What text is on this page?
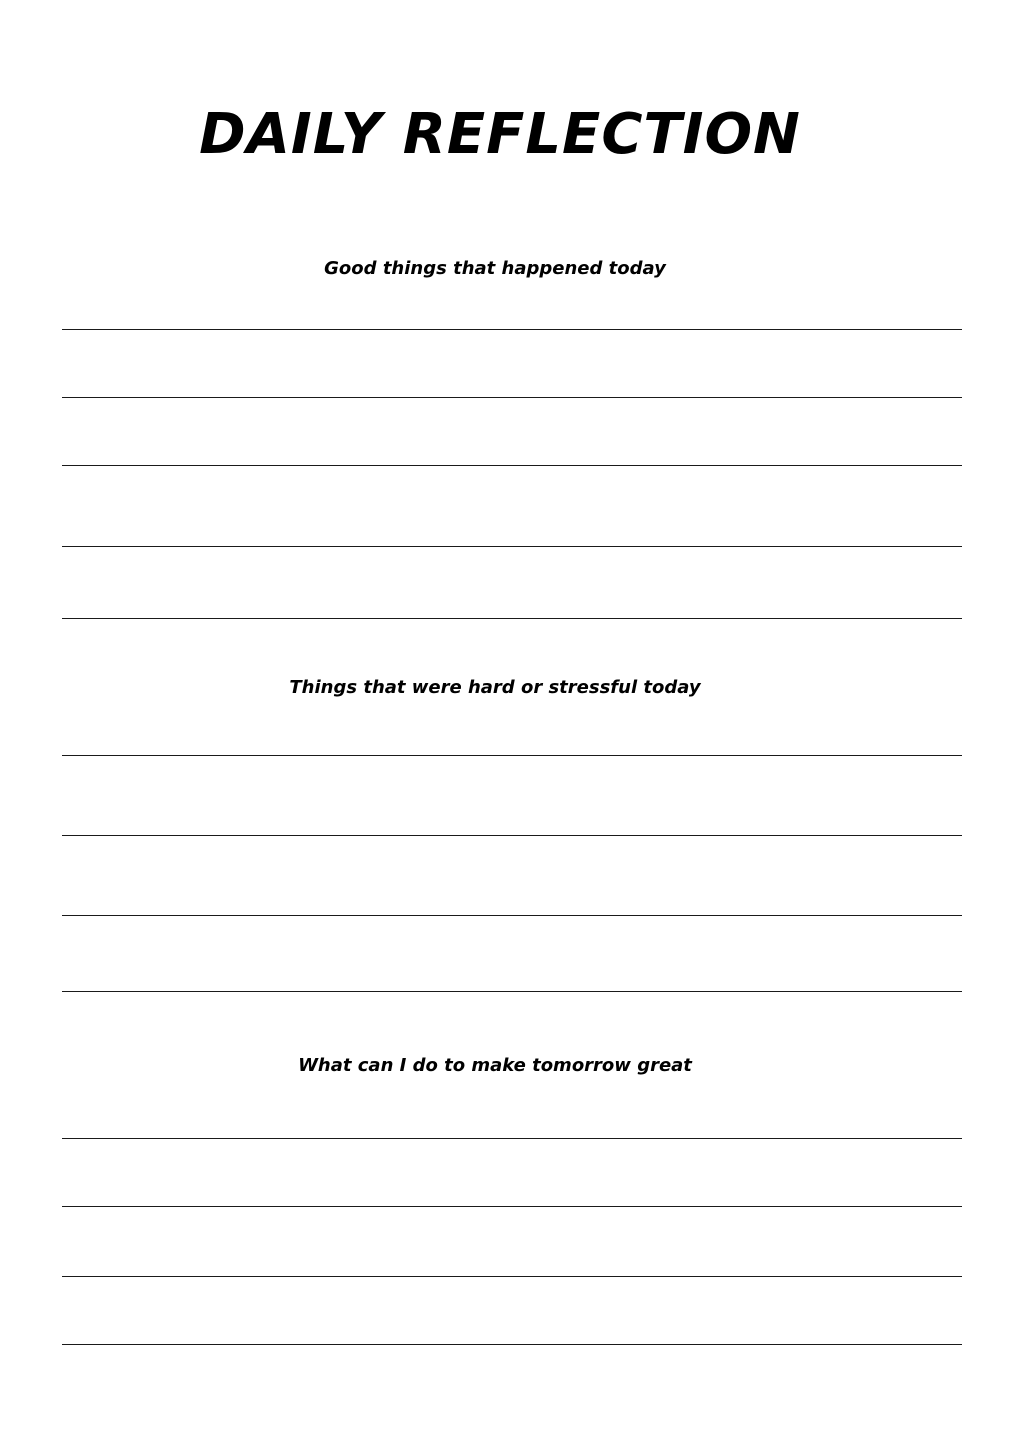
DAILY REFLECTION
Good things that happened today
Things that were hard or stressful today
What can I do to make tomorrow great
